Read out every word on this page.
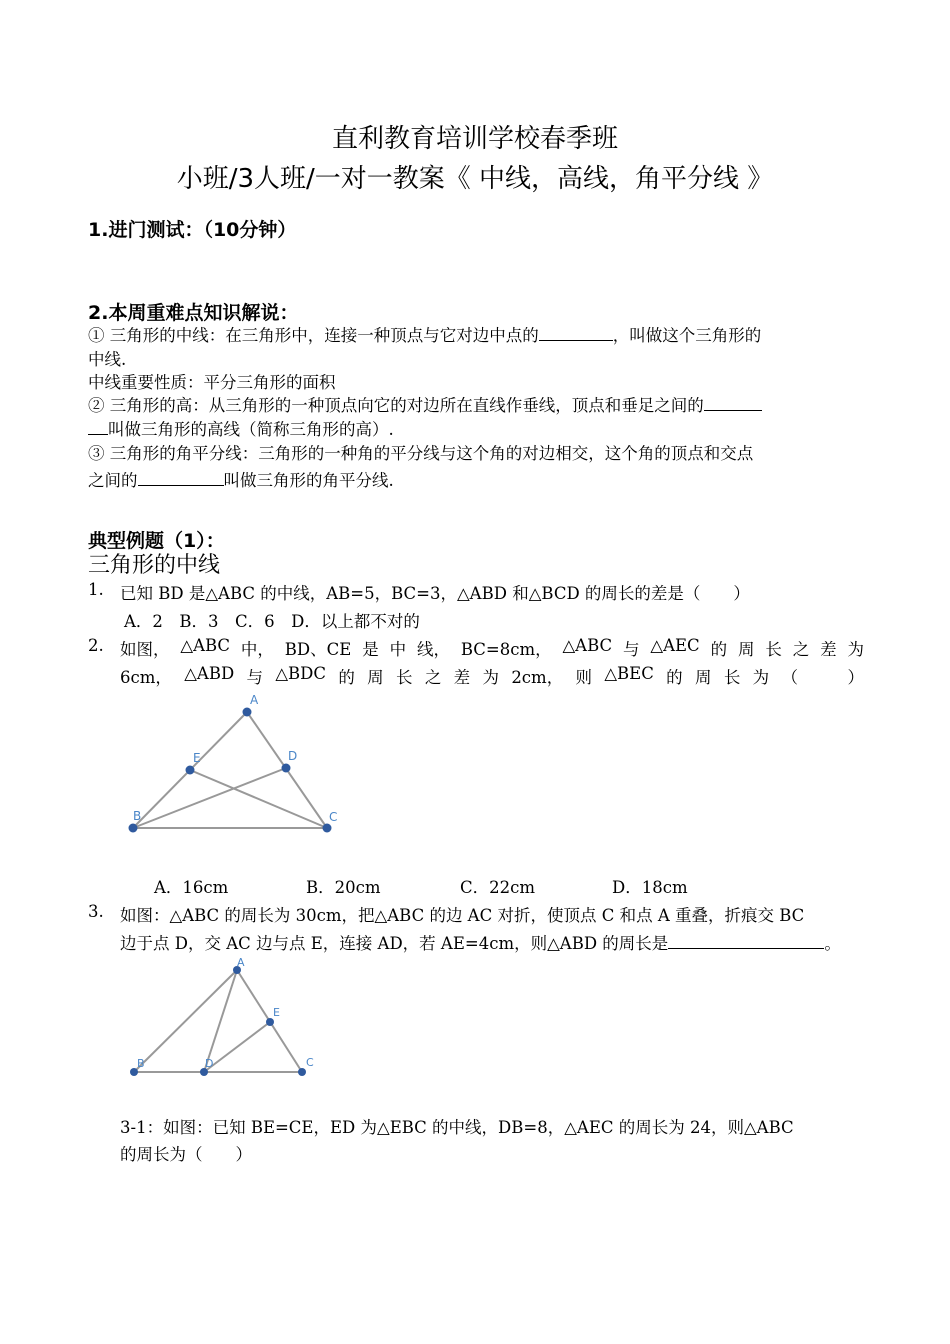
直利教育培训学校春季班
小班/3人班/一对一教案《 中线，高线，角平分线 》
1.进门测试：（10分钟）
2.本周重难点知识解说：
① 三角形的中线：在三角形中，连接一种顶点与它对边中点的	，叫做这个三角形的
中线.
中线重要性质：平分三角形的面积
② 三角形的高：从三角形的一种顶点向它的对边所在直线作垂线，顶点和垂足之间的
叫做三角形的高线（简称三角形的高）.
③ 三角形的角平分线：三角形的一种角的平分线与这个角的对边相交，这个角的顶点和交点
之间的	叫做三角形的角平分线.
典型例题（1）：
三角形的中线
1. 已知 BD 是△ABC 的中线，AB=5，BC=3，△ABD 和△BCD 的周长的差是（　　）
A．2　B．3　C．6　D．以上都不对的
2. 如图， △ABC 中， BD、CE 是 中 线， BC=8cm， △ABC 与 △AEC 的 周 长 之 差 为
6cm， △ABD 与 △BDC 的 周 长 之 差 为 2cm， 则 △BEC 的 周 长 为 （　　　）
A
B	C
D
E
A．16cm	B．20cm	C．22cm	D．18cm
3. 如图：△ABC 的周长为 30cm，把△ABC 的边 AC 对折，使顶点 C 和点 A 重叠，折痕交 BC
边于点 D，交 AC 边与点 E，连接 AD，若 AE=4cm，则△ABD 的周长是	。
A
B	C
D
E
3-1：如图：已知 BE=CE，ED 为△EBC 的中线，DB=8，△AEC 的周长为 24，则△ABC
的周长为（　　）
